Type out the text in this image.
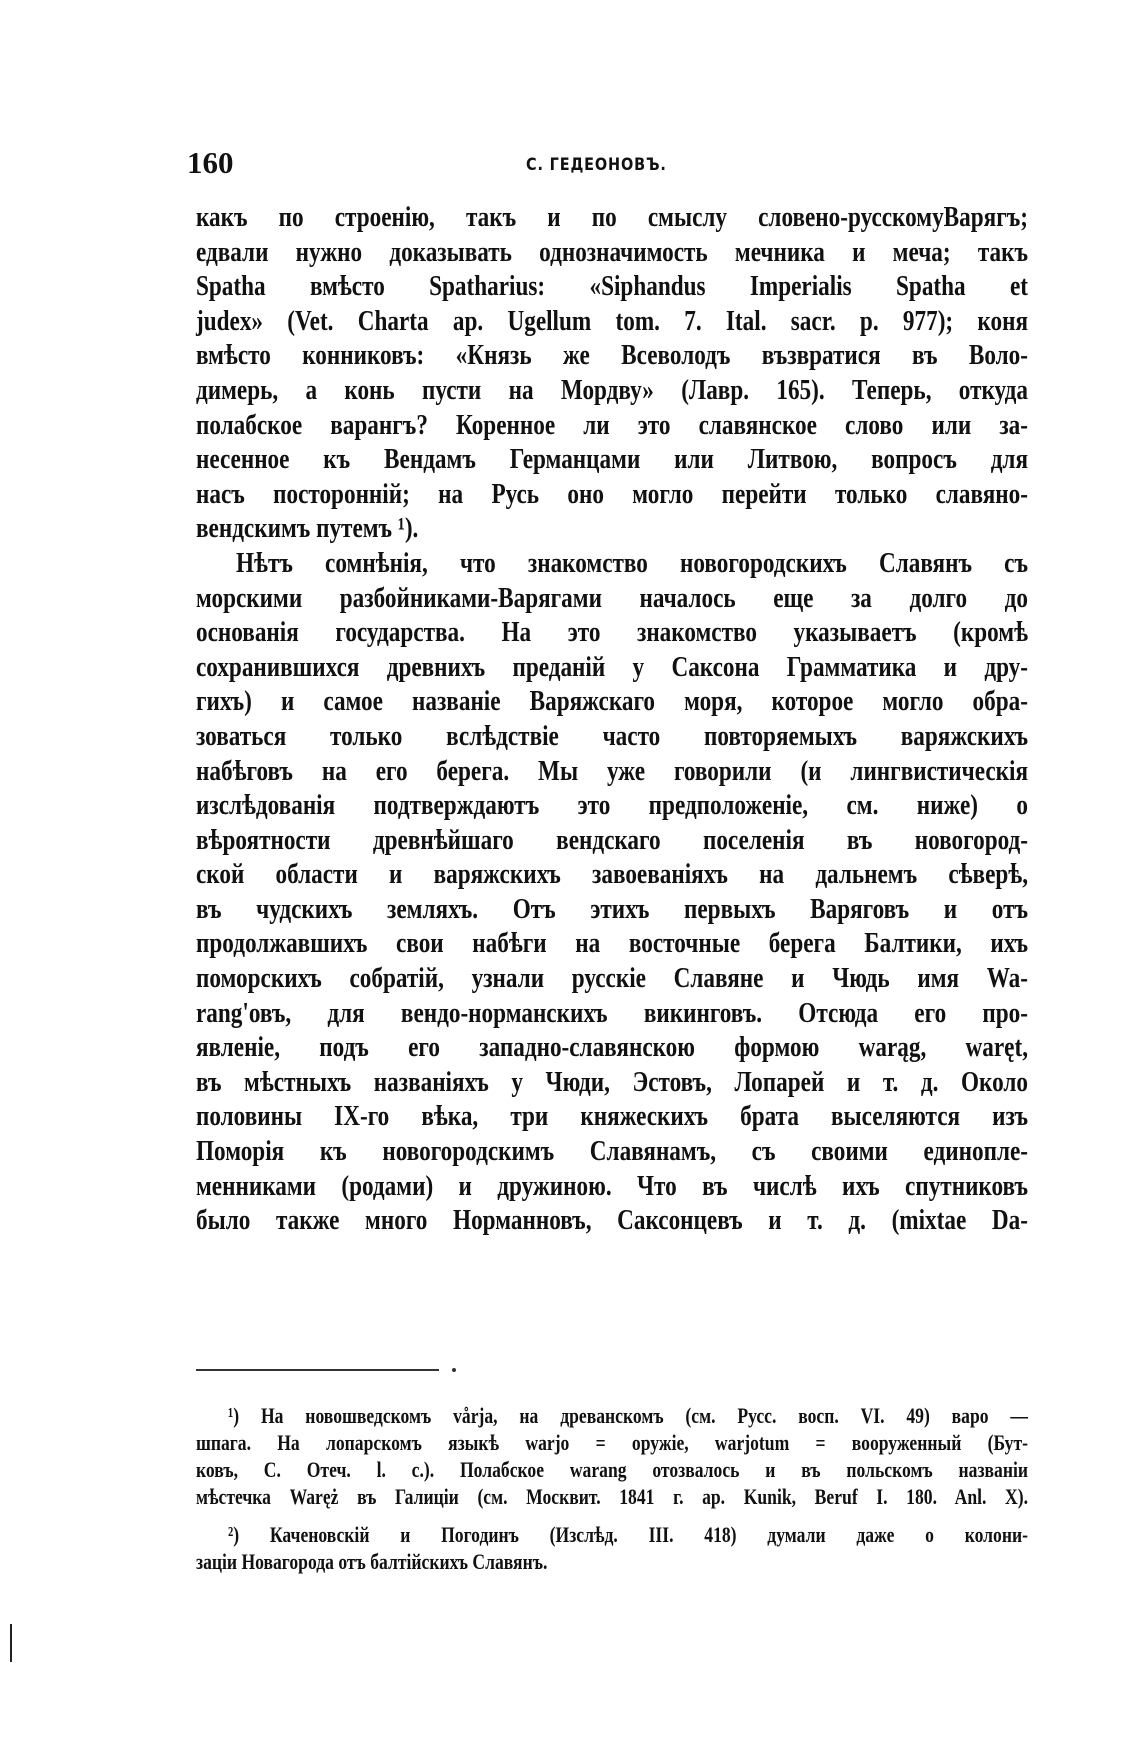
160	С. ГЕДЕОНОВЪ.
какъ по строенію, такъ и по смыслу словено-русскомуВарягъ;
едвали нужно доказывать однозначимость мечника и меча; такъ
Spatha вмѣсто Spatharius: «Siphandus Imperialis Spatha et
judex» (Vet. Charta ap. Ugellum tom. 7. Ital. sacr. p. 977); коня
вмѣсто конниковъ: «Князь же Всеволодъ възвратися въ Воло-
димерь, а конь пусти на Мордву» (Лавр. 165). Теперь, откуда
полабское варангъ? Коренное ли это славянское слово или за-
несенное къ Вендамъ Германцами или Литвою, вопросъ для
насъ посторонній; на Русь оно могло перейти только славяно-
вендскимъ путемъ ¹).
Нѣтъ сомнѣнія, что знакомство новогородскихъ Славянъ съ
морскими разбойниками-Варягами началось еще за долго до
основанія государства. На это знакомство указываетъ (кромѣ
сохранившихся древнихъ преданій у Саксона Грамматика и дру-
гихъ) и самое названіе Варяжскаго моря, которое могло обра-
зоваться только вслѣдствіе часто повторяемыхъ варяжскихъ
набѣговъ на его берега. Мы уже говорили (и лингвистическія
изслѣдованія подтверждаютъ это предположеніе, см. ниже) о
вѣроятности древнѣйшаго вендскаго поселенія въ новогород-
ской области и варяжскихъ завоеваніяхъ на дальнемъ сѣверѣ,
въ чудскихъ земляхъ. Отъ этихъ первыхъ Варяговъ и отъ
продолжавшихъ свои набѣги на восточные берега Балтики, ихъ
поморскихъ собратій, узнали русскіе Славяне и Чюдь имя Wa-
rang'овъ, для вендо-норманскихъ викинговъ. Отсюда его про-
явленіе, подъ его западно-славянскою формою warąg, waręt,
въ мѣстныхъ названіяхъ у Чюди, Эстовъ, Лопарей и т. д. Около
половины IX-го вѣка, три княжескихъ брата выселяются изъ
Поморія къ новогородскимъ Славянамъ, съ своими единопле-
менниками (родами) и дружиною. Что въ числѣ ихъ спутниковъ
было также много Норманновъ, Саксонцевъ и т. д. (mixtae Da-
¹) На новошведскомъ vårja, на древанскомъ (см. Русс. восп. VI. 49) варо —
шпага. На лопарскомъ языкѣ warjo = оружіе, warjotum = вооруженный (Бут-
ковъ, С. Отеч. l. c.). Полабское warang отозвалось и въ польскомъ названіи
мѣстечка Waręż въ Галиціи (см. Москвит. 1841 г. ap. Kunik, Beruf I. 180. Anl. X).
²) Каченовскій и Погодинъ (Изслѣд. III. 418) думали даже о колони-
заціи Новагорода отъ балтійскихъ Славянъ.
